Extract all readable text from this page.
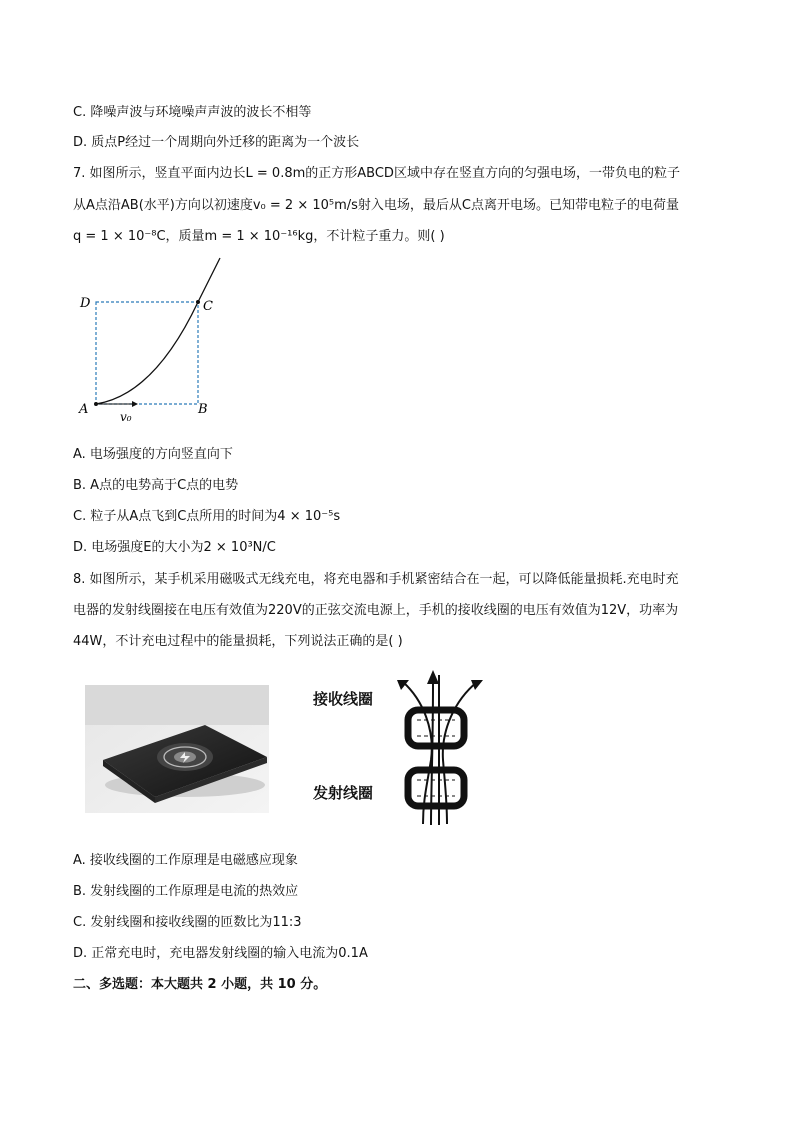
C. 降噪声波与环境噪声声波的波长不相等
D. 质点P经过一个周期向外迁移的距离为一个波长
7. 如图所示，竖直平面内边长L = 0.8m的正方形ABCD区域中存在竖直方向的匀强电场，一带负电的粒子
从A点沿AB(水平)方向以初速度v₀ = 2 × 10⁵m/s射入电场，最后从C点离开电场。已知带电粒子的电荷量
q = 1 × 10⁻⁸C，质量m = 1 × 10⁻¹⁶kg，不计粒子重力。则( )
D	C
A	B
v₀
A. 电场强度的方向竖直向下
B. A点的电势高于C点的电势
C. 粒子从A点飞到C点所用的时间为4 × 10⁻⁵s
D. 电场强度E的大小为2 × 10³N/C
8. 如图所示，某手机采用磁吸式无线充电，将充电器和手机紧密结合在一起，可以降低能量损耗.充电时充
电器的发射线圈接在电压有效值为220V的正弦交流电源上，手机的接收线圈的电压有效值为12V，功率为
44W，不计充电过程中的能量损耗，下列说法正确的是( )
接收线圈
发射线圈
A. 接收线圈的工作原理是电磁感应现象
B. 发射线圈的工作原理是电流的热效应
C. 发射线圈和接收线圈的匝数比为11:3
D. 正常充电时，充电器发射线圈的输入电流为0.1A
二、多选题：本大题共 2 小题，共 10 分。
